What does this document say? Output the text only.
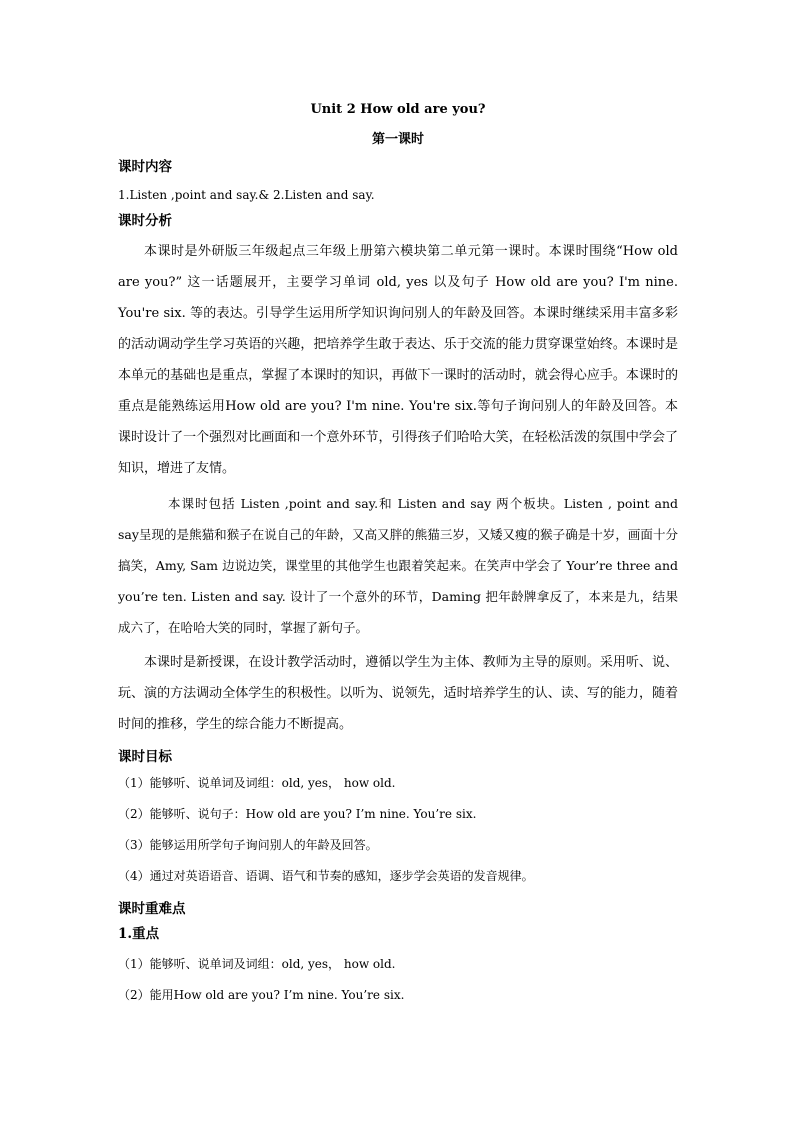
Unit 2 How old are you?

第一课时

课时内容

1.Listen ,point and say.& 2.Listen and say.

课时分析

本课时是外研版三年级起点三年级上册第六模块第二单元第一课时。本课时围绕“How old are you?” 这一话题展开，主要学习单词 old, yes 以及句子 How old are you? I'm nine. You're six. 等的表达。引导学生运用所学知识询问别人的年龄及回答。本课时继续采用丰富多彩的活动调动学生学习英语的兴趣，把培养学生敢于表达、乐于交流的能力贯穿课堂始终。本课时是本单元的基础也是重点，掌握了本课时的知识，再做下一课时的活动时，就会得心应手。本课时的重点是能熟练运用How old are you? I'm nine. You're six.等句子询问别人的年龄及回答。本课时设计了一个强烈对比画面和一个意外环节，引得孩子们哈哈大笑，在轻松活泼的氛围中学会了知识，增进了友情。

本课时包括 Listen ,point and say.和 Listen and say 两个板块。Listen , point and say呈现的是熊猫和猴子在说自己的年龄，又高又胖的熊猫三岁，又矮又瘦的猴子确是十岁，画面十分搞笑，Amy, Sam 边说边笑，课堂里的其他学生也跟着笑起来。在笑声中学会了 Your’re three and you’re ten. Listen and say. 设计了一个意外的环节，Daming 把年龄牌拿反了，本来是九，结果成六了，在哈哈大笑的同时，掌握了新句子。

本课时是新授课，在设计教学活动时，遵循以学生为主体、教师为主导的原则。采用听、说、玩、演的方法调动全体学生的积极性。以听为、说领先，适时培养学生的认、读、写的能力，随着时间的推移，学生的综合能力不断提高。

课时目标

（1）能够听、说单词及词组：old, yes， how old.

（2）能够听、说句子：How old are you? I’m nine. You’re six.

（3）能够运用所学句子询问别人的年龄及回答。

（4）通过对英语语音、语调、语气和节奏的感知，逐步学会英语的发音规律。

课时重难点

1.重点

（1）能够听、说单词及词组：old, yes， how old.

（2）能用How old are you? I’m nine. You’re six.
